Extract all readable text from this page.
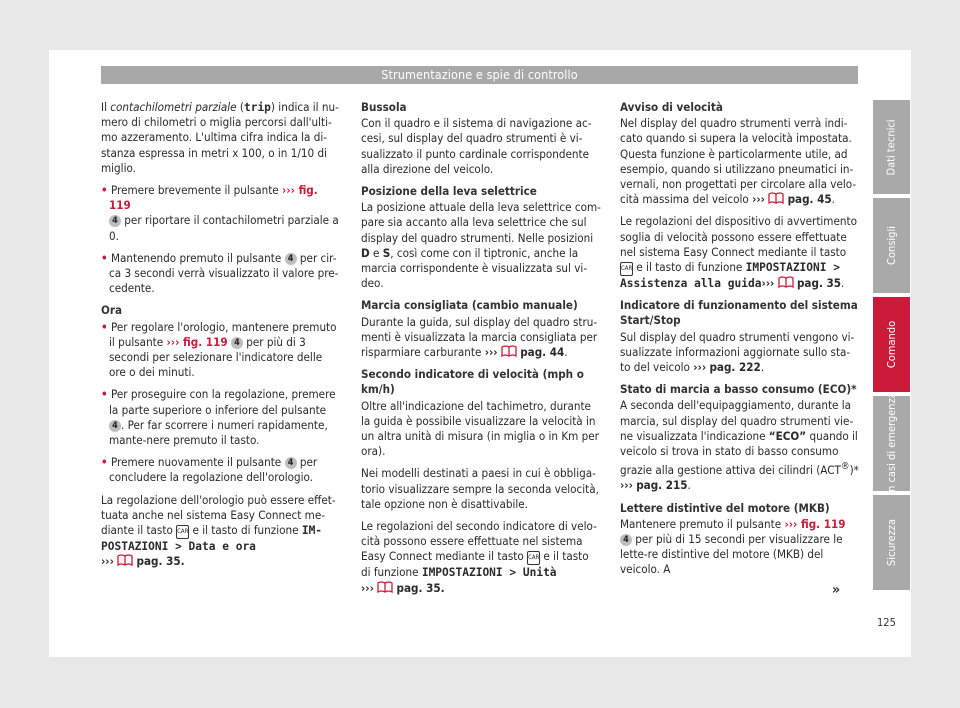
Strumentazione e spie di controllo

Il contachilometri parziale (trip) indica il nu-mero di chilometri o miglia percorsi dall'ulti-mo azzeramento. L'ultima cifra indica la di-stanza espressa in metri x 100, o in 1/10 di miglio.

• Premere brevemente il pulsante ››› fig. 119
4 per riportare il contachilometri parziale a 0.

• Mantenendo premuto il pulsante 4 per cir-ca 3 secondi verrà visualizzato il valore pre-cedente.

Ora

• Per regolare l'orologio, mantenere premuto il pulsante ››› fig. 119 4 per più di 3 secondi per selezionare l'indicatore delle ore o dei minuti.

• Per proseguire con la regolazione, premere la parte superiore o inferiore del pulsante 4 . Per far scorrere i numeri rapidamente, mante-nere premuto il tasto.

• Premere nuovamente il pulsante 4 per concludere la regolazione dell'orologio.

La regolazione dell'orologio può essere effet-tuata anche nel sistema Easy Connect me-diante il tasto CAR e il tasto di funzione IM-POSTAZIONI > Data e ora
››› pag. 35.

Bussola

Con il quadro e il sistema di navigazione ac-cesi, sul display del quadro strumenti è vi-sualizzato il punto cardinale corrispondente alla direzione del veicolo.

Posizione della leva selettrice

La posizione attuale della leva selettrice com-pare sia accanto alla leva selettrice che sul display del quadro strumenti. Nelle posizioni D e S, così come con il tiptronic, anche la marcia corrispondente è visualizzata sul vi-deo.

Marcia consigliata (cambio manuale)

Durante la guida, sul display del quadro stru-menti è visualizzata la marcia consigliata per risparmiare carburante ››› pag. 44.

Secondo indicatore di velocità (mph o km/h)

Oltre all'indicazione del tachimetro, durante la guida è possibile visualizzare la velocità in un altra unità di misura (in miglia o in Km per ora).

Nei modelli destinati a paesi in cui è obbliga-torio visualizzare sempre la seconda velocità, tale opzione non è disattivabile.

Le regolazioni del secondo indicatore di velo-cità possono essere effettuate nel sistema Easy Connect mediante il tasto CAR e il tasto di funzione IMPOSTAZIONI > Unità
››› pag. 35.

Avviso di velocità

Nel display del quadro strumenti verrà indi-cato quando si supera la velocità impostata. Questa funzione è particolarmente utile, ad esempio, quando si utilizzano pneumatici in-vernali, non progettati per circolare alla velo-cità massima del veicolo ››› pag. 45.

Le regolazioni del dispositivo di avvertimento soglia di velocità possono essere effettuate nel sistema Easy Connect mediante il tasto
CAR e il tasto di funzione IMPOSTAZIONI > Assistenza alla guida››› pag. 35.

Indicatore di funzionamento del sistema Start/Stop

Sul display del quadro strumenti vengono vi-sualizzate informazioni aggiornate sullo sta-to del veicolo ››› pag. 222.

Stato di marcia a basso consumo (ECO)*

A seconda dell'equipaggiamento, durante la marcia, sul display del quadro strumenti vie-ne visualizzata l'indicazione “ECO” quando il veicolo si trova in stato di basso consumo grazie alla gestione attiva dei cilindri (ACT®)*
››› pag. 215.

Lettere distintive del motore (MKB)

Mantenere premuto il pulsante ››› fig. 119 4 per più di 15 secondi per visualizzare le lette-re distintive del motore (MKB) del veicolo. A

»
Dati tecnici
Consigli
Comando
In casi di emergenza
Sicurezza
125
